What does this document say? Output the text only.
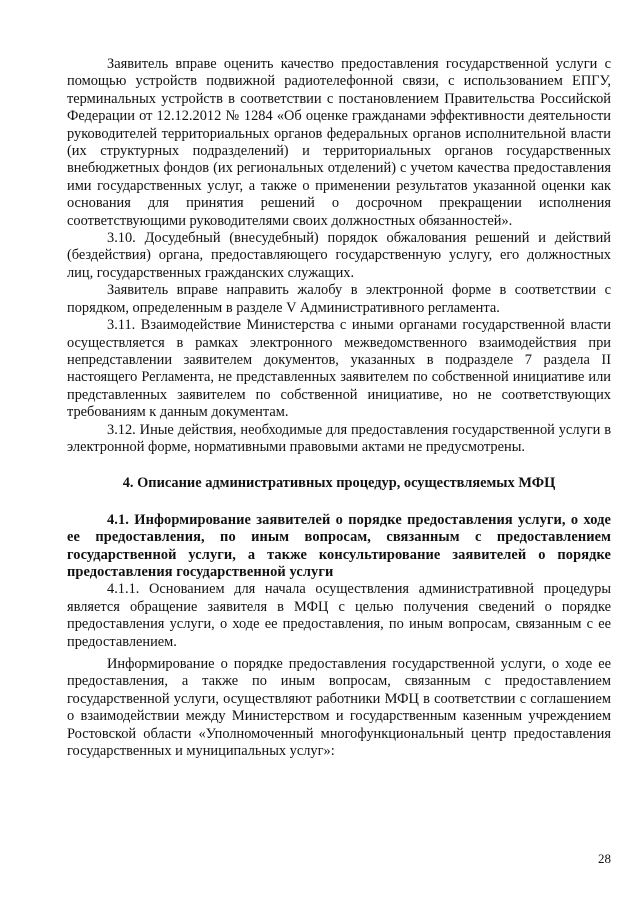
Заявитель вправе оценить качество предоставления государственной услуги с помощью устройств подвижной радиотелефонной связи, с использованием ЕПГУ, терминальных устройств в соответствии с постановлением Правительства Российской Федерации от 12.12.2012 № 1284 «Об оценке гражданами эффективности деятельности руководителей территориальных органов федеральных органов исполнительной власти (их структурных подразделений) и территориальных органов государственных внебюджетных фондов (их региональных отделений) с учетом качества предоставления ими государственных услуг, а также о применении результатов указанной оценки как основания для принятия решений о досрочном прекращении исполнения соответствующими руководителями своих должностных обязанностей».

3.10. Досудебный (внесудебный) порядок обжалования решений и действий (бездействия) органа, предоставляющего государственную услугу, его должностных лиц, государственных гражданских служащих.

Заявитель вправе направить жалобу в электронной форме в соответствии с порядком, определенным в разделе V Административного регламента.

3.11. Взаимодействие Министерства с иными органами государственной власти осуществляется в рамках электронного межведомственного взаимодействия при непредставлении заявителем документов, указанных в подразделе 7 раздела II настоящего Регламента, не представленных заявителем по собственной инициативе или представленных заявителем по собственной инициативе, но не соответствующих требованиям к данным документам.

3.12. Иные действия, необходимые для предоставления государственной услуги в электронной форме, нормативными правовыми актами не предусмотрены.

4. Описание административных процедур, осуществляемых МФЦ

4.1. Информирование заявителей о порядке предоставления услуги, о ходе ее предоставления, по иным вопросам, связанным с предоставлением государственной услуги, а также консультирование заявителей о порядке предоставления государственной услуги

4.1.1. Основанием для начала осуществления административной процедуры является обращение заявителя в МФЦ с целью получения сведений о порядке предоставления услуги, о ходе ее предоставления, по иным вопросам, связанным с ее предоставлением.

Информирование о порядке предоставления государственной услуги, о ходе ее предоставления, а также по иным вопросам, связанным с предоставлением государственной услуги, осуществляют работники МФЦ в соответствии с соглашением о взаимодействии между Министерством и государственным казенным учреждением Ростовской области «Уполномоченный многофункциональный центр предоставления государственных и муниципальных услуг»:

28
